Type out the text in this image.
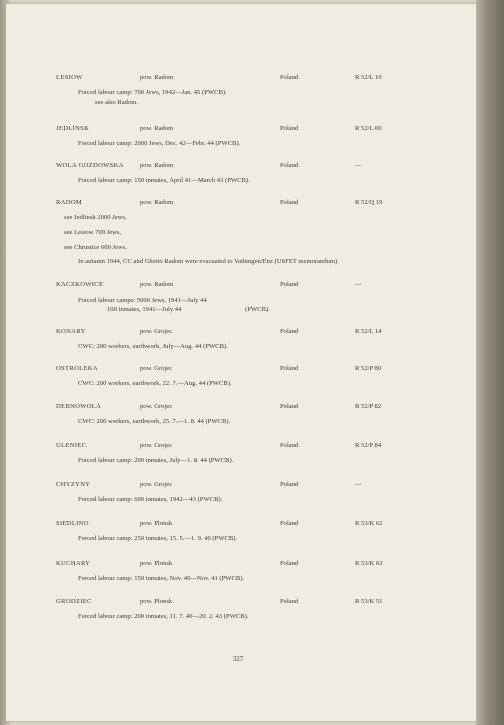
LESIOW	pow. Radom	Poland	R 52/L 10
Forced labour camp: 700 Jews, 1942—Jan. 45 (PWCB).
see also Radom.
JEDLINSK	pow. Radom	Poland	R 52/L 00
Forced labour camp: 2000 Jews, Dec. 42—Febr. 44 (PWCB).
WOLA GOZDOWSKA pow. Radom	Poland	—
Forced labour camp: 150 inmates, April 41—March 43 (PWCB).
RADOM	pow. Radom	Poland	R 52/Q 19
see Jedlinsk 2000 Jews,
see Lesiow 700 Jews,
see Chrustice 600 Jews.
In autumn 1944, CC and Ghetto Radom were evacuated to Vaihingen/Enz (USFET memorandum).
KACZKOWICE	pow. Radom	Poland	—
Forced labour camps: 5000 Jews, 1941—July 44
100 inmates, 1941—July 44	(PWCB).
KONARY	pow. Grojec	Poland	R 52/L 14
CWC: 200 workers, earthwork, July—Aug. 44 (PWCB).
OSTROLEKA	pow. Grojec	Poland	R 52/P 80
CWC: 200 workers, earthwork, 22. 7.—Aug. 44 (PWCB).
DEBNOWOLA	pow. Grojec	Poland	R 52/P 82
CWC: 200 workers, earthwork, 25. 7.—1. 8. 44 (PWCB).
ULENIEC	pow. Grojec	Poland	R 52/P 84
Forced labour camp: 200 inmates, July—1. 8. 44 (PWCB).
CHYZYNY	pow. Grojec	Poland	—
Forced labour camp: 600 inmates, 1942—43 (PWCB).
SIEDLINO	pow. Plonsk	Poland	R 53/K 62
Forced labour camp: 250 inmates, 15. 5.—1. 9. 40 (PWCB).
KUCHARY	pow. Plonsk	Poland	R 53/K 63
Forced labour camp: 150 inmates, Nov. 40—Nov. 41 (PWCB).
GRODZIEC	pow. Plonsk	Poland	R 53/K 51
Forced labour camp: 200 inmates, 11. 7. 40—20. 2. 43 (PWCB).
327
